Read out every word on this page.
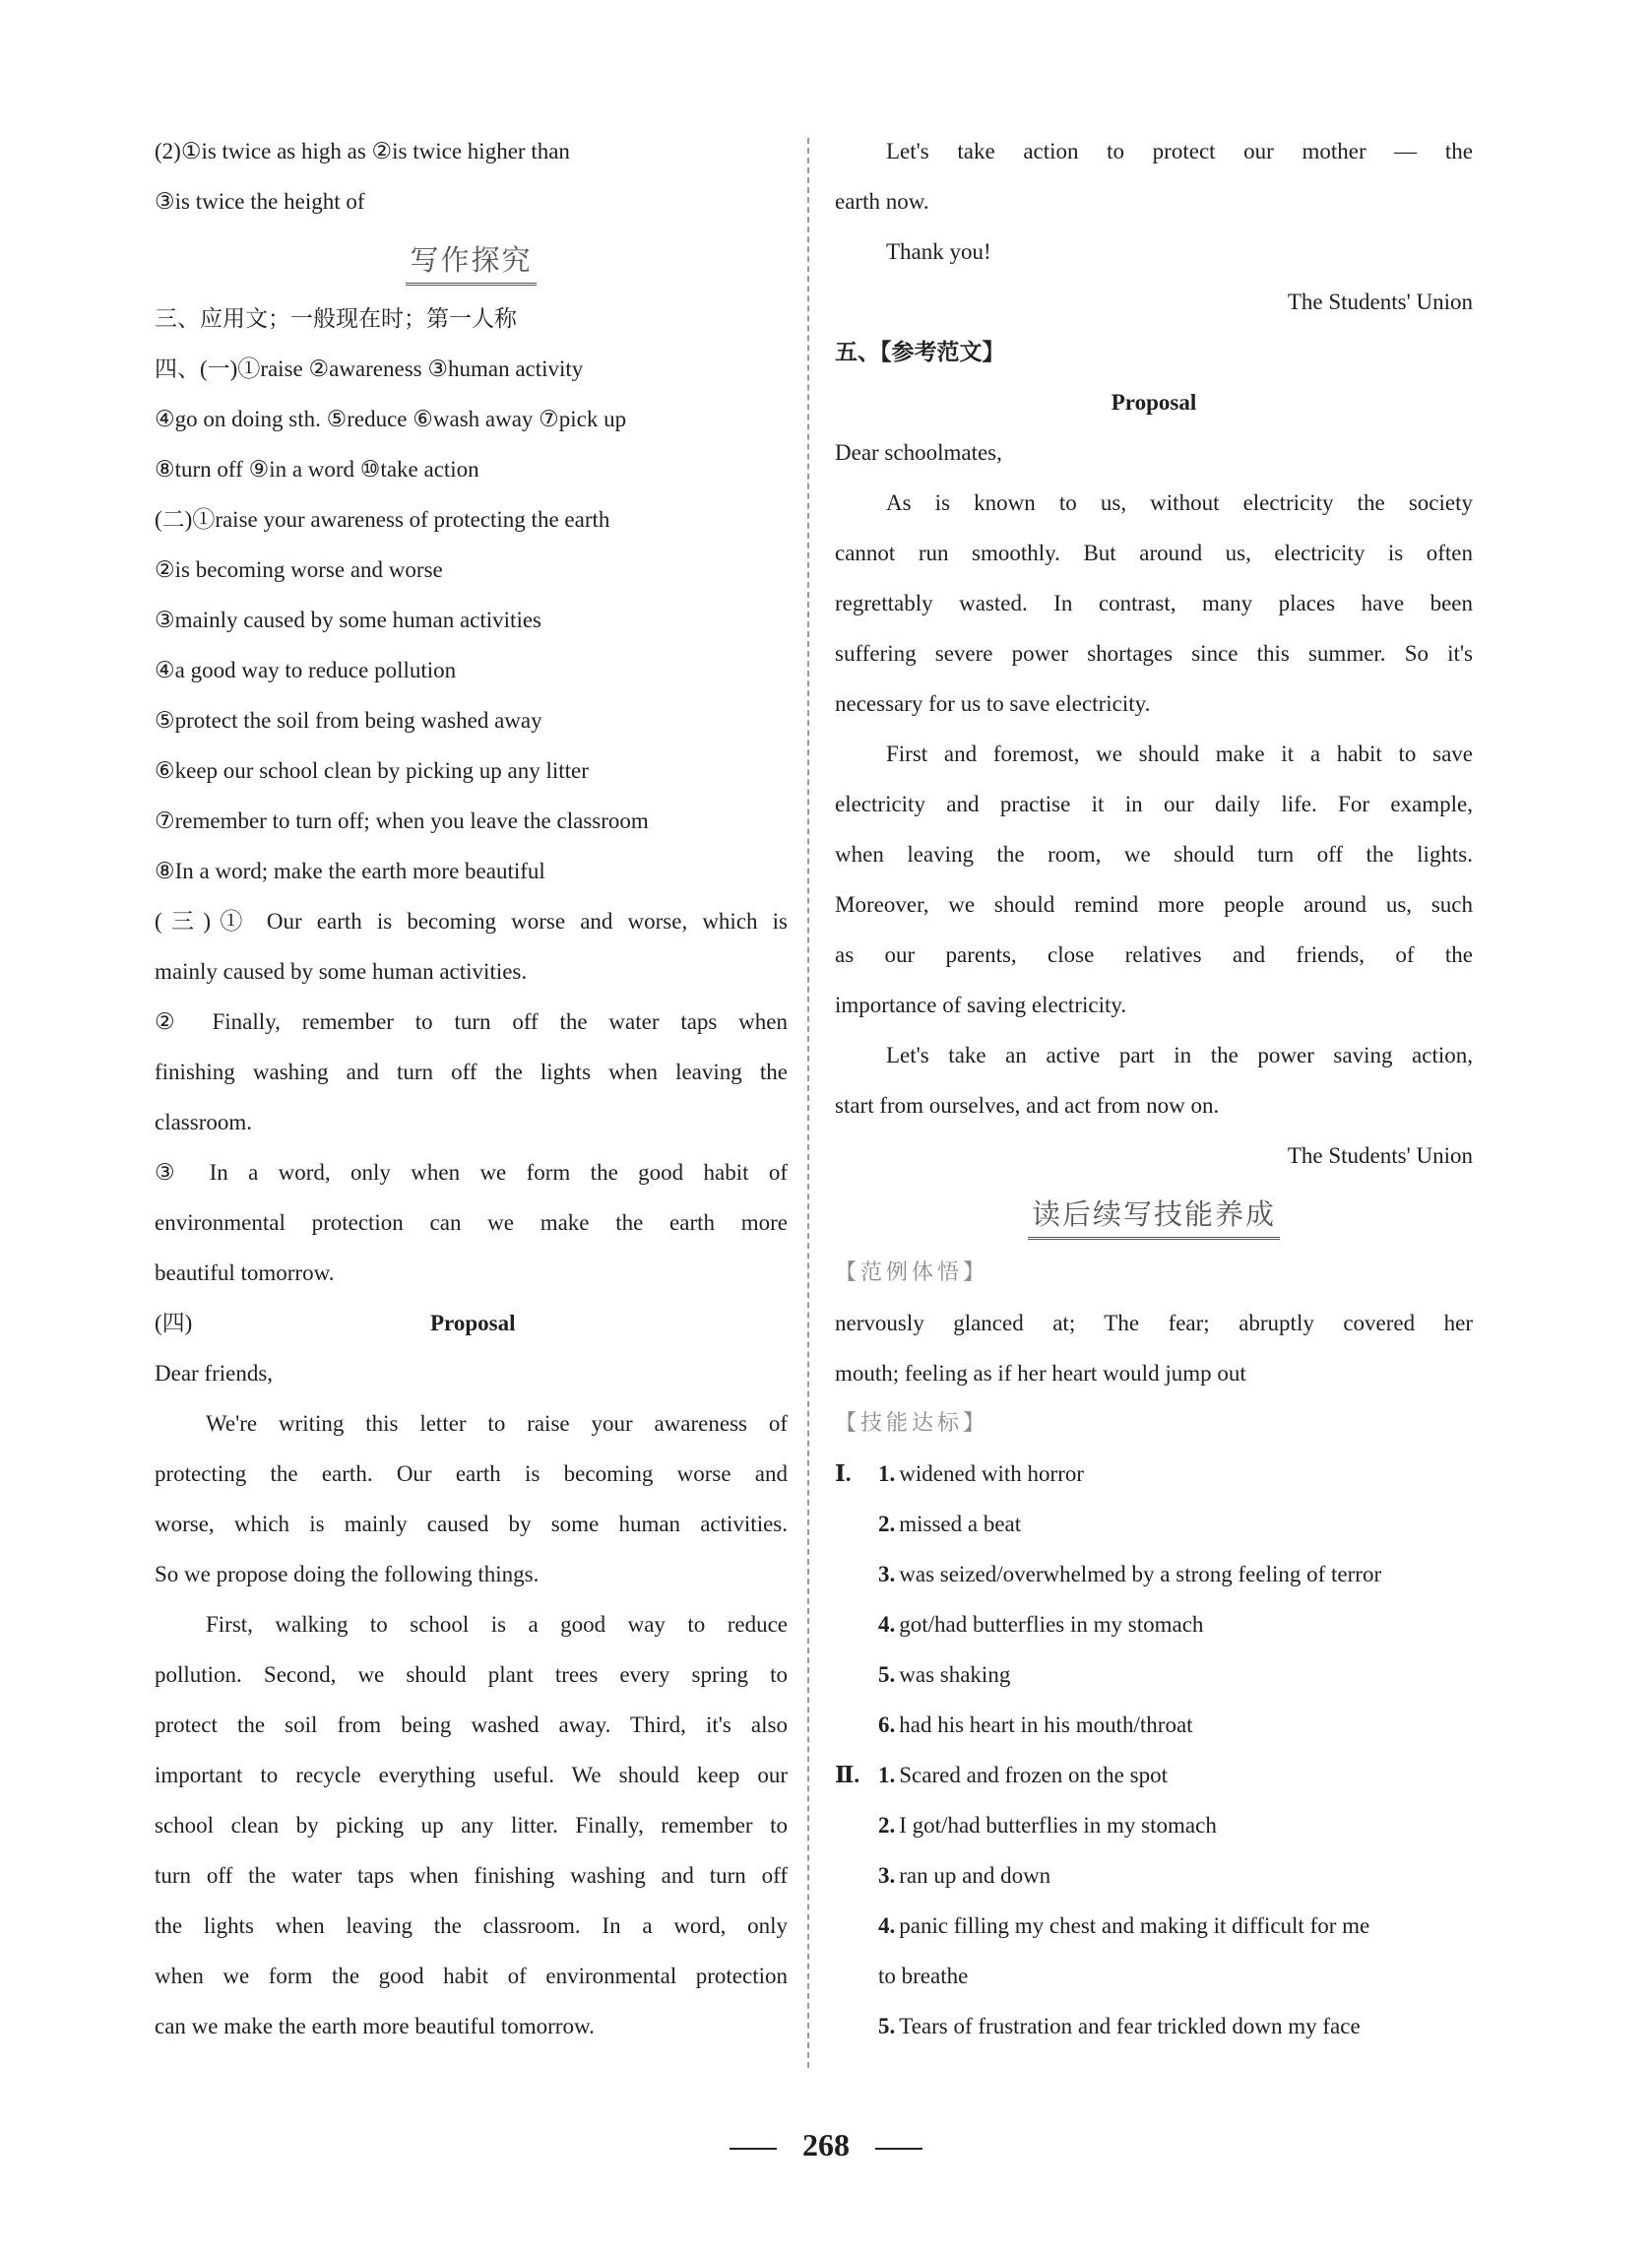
(2)①is twice as high as ②is twice higher than
③is twice the height of
写作探究
三、应用文；一般现在时；第一人称
四、(一)①raise ②awareness ③human activity
④go on doing sth. ⑤reduce ⑥wash away ⑦pick up
⑧turn off ⑨in a word ⑩take action
(二)①raise your awareness of protecting the earth
②is becoming worse and worse
③mainly caused by some human activities
④a good way to reduce pollution
⑤protect the soil from being washed away
⑥keep our school clean by picking up any litter
⑦remember to turn off; when you leave the classroom
⑧In a word; make the earth more beautiful
(三)① Our earth is becoming worse and worse, which is
mainly caused by some human activities.
② Finally, remember to turn off the water taps when
finishing washing and turn off the lights when leaving the
classroom.
③ In a word, only when we form the good habit of
environmental protection can we make the earth more
beautiful tomorrow.
(四)	Proposal
Dear friends,
We're writing this letter to raise your awareness of
protecting the earth. Our earth is becoming worse and
worse, which is mainly caused by some human activities.
So we propose doing the following things.
First, walking to school is a good way to reduce
pollution. Second, we should plant trees every spring to
protect the soil from being washed away. Third, it's also
important to recycle everything useful. We should keep our
school clean by picking up any litter. Finally, remember to
turn off the water taps when finishing washing and turn off
the lights when leaving the classroom. In a word, only
when we form the good habit of environmental protection
can we make the earth more beautiful tomorrow.
Let's take action to protect our mother — the
earth now.
Thank you!
The Students' Union
五、【参考范文】
Proposal
Dear schoolmates,
As is known to us, without electricity the society
cannot run smoothly. But around us, electricity is often
regrettably wasted. In contrast, many places have been
suffering severe power shortages since this summer. So it's
necessary for us to save electricity.
First and foremost, we should make it a habit to save
electricity and practise it in our daily life. For example,
when leaving the room, we should turn off the lights.
Moreover, we should remind more people around us, such
as our parents, close relatives and friends, of the
importance of saving electricity.
Let's take an active part in the power saving action,
start from ourselves, and act from now on.
The Students' Union
读后续写技能养成
【范例体悟】
nervously glanced at; The fear; abruptly covered her
mouth; feeling as if her heart would jump out
【技能达标】
Ⅰ. 1. widened with horror
2. missed a beat
3. was seized/overwhelmed by a strong feeling of terror
4. got/had butterflies in my stomach
5. was shaking
6. had his heart in his mouth/throat
Ⅱ. 1. Scared and frozen on the spot
2. I got/had butterflies in my stomach
3. ran up and down
4. panic filling my chest and making it difficult for me
to breathe
5. Tears of frustration and fear trickled down my face
268
